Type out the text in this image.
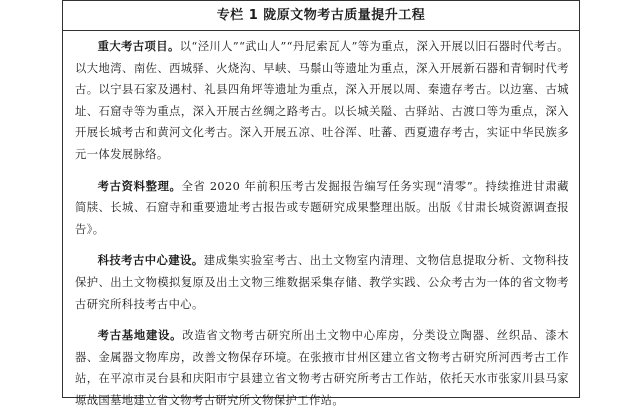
专栏 1 陇原文物考古质量提升工程

重大考古项目。以“泾川人”“武山人”“丹尼索瓦人”等为重点，深入开展以旧石器时代考古。以大地湾、南佐、西城驿、火烧沟、早峡、马鬃山等遗址为重点，深入开展新石器和青铜时代考古。以宁县石家及遇村、礼县四角坪等遗址为重点，深入开展以周、秦遗存考古。以边塞、古城址、石窟寺等为重点，深入开展古丝绸之路考古。以长城关隘、古驿站、古渡口等为重点，深入开展长城考古和黄河文化考古。深入开展五凉、吐谷浑、吐蕃、西夏遗存考古，实证中华民族多元一体发展脉络。

考古资料整理。全省 2020 年前积压考古发掘报告编写任务实现“清零”。持续推进甘肃藏简牍、长城、石窟寺和重要遗址考古报告或专题研究成果整理出版。出版《甘肃长城资源调查报告》。

科技考古中心建设。建成集实验室考古、出土文物室内清理、文物信息提取分析、文物科技保护、出土文物模拟复原及出土文物三维数据采集存储、教学实践、公众考古为一体的省文物考古研究所科技考古中心。

考古基地建设。改造省文物考古研究所出土文物中心库房，分类设立陶器、丝织品、漆木器、金属器文物库房，改善文物保存环境。在张掖市甘州区建立省文物考古研究所河西考古工作站，在平凉市灵台县和庆阳市宁县建立省文物考古研究所考古工作站，依托天水市张家川县马家塬战国墓地建立省文物考古研究所文物保护工作站。
